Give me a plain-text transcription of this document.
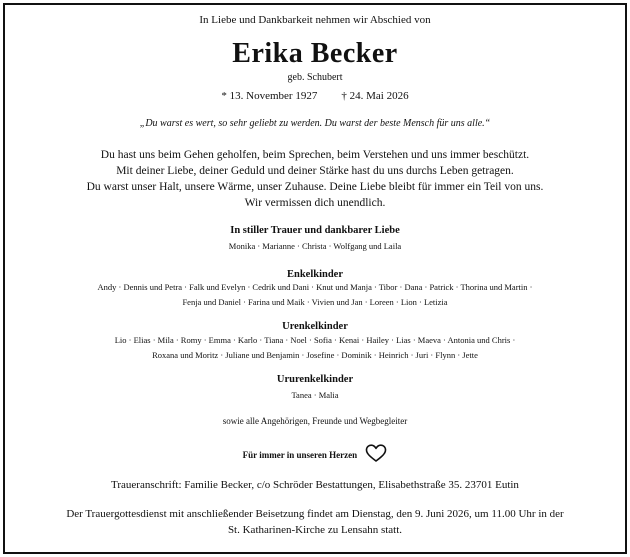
In Liebe und Dankbarkeit nehmen wir Abschied von
Erika Becker
geb. Schubert
* 13. November 1927 † 24. Mai 2026
„Du warst es wert, so sehr geliebt zu werden. Du warst der beste Mensch für uns alle.“
Du hast uns beim Gehen geholfen, beim Sprechen, beim Verstehen und uns immer beschützt.
Mit deiner Liebe, deiner Geduld und deiner Stärke hast du uns durchs Leben getragen.
Du warst unser Halt, unsere Wärme, unser Zuhause. Deine Liebe bleibt für immer ein Teil von uns.
Wir vermissen dich unendlich.
In stiller Trauer und dankbarer Liebe
Monika · Marianne · Christa · Wolfgang und Laila
Enkelkinder
Andy · Dennis und Petra · Falk und Evelyn · Cedrik und Dani · Knut und Manja · Tibor · Dana · Patrick · Thorina und Martin ·
Fenja und Daniel · Farina und Maik · Vivien und Jan · Loreen · Lion · Letizia
Urenkelkinder
Lio · Elias · Mila · Romy · Emma · Karlo · Tiana · Noel · Sofia · Kenai · Hailey · Lias · Maeva · Antonia und Chris ·
Roxana und Moritz · Juliane und Benjamin · Josefine · Dominik · Heinrich · Juri · Flynn · Jette
Ururenkelkinder
Tanea · Malia
sowie alle Angehörigen, Freunde und Wegbegleiter
Für immer in unseren Herzen
Traueranschrift: Familie Becker, c/o Schröder Bestattungen, Elisabethstraße 35. 23701 Eutin
Der Trauergottesdienst mit anschließender Beisetzung findet am Dienstag, den 9. Juni 2026, um 11.00 Uhr in der
St. Katharinen-Kirche zu Lensahn statt.
